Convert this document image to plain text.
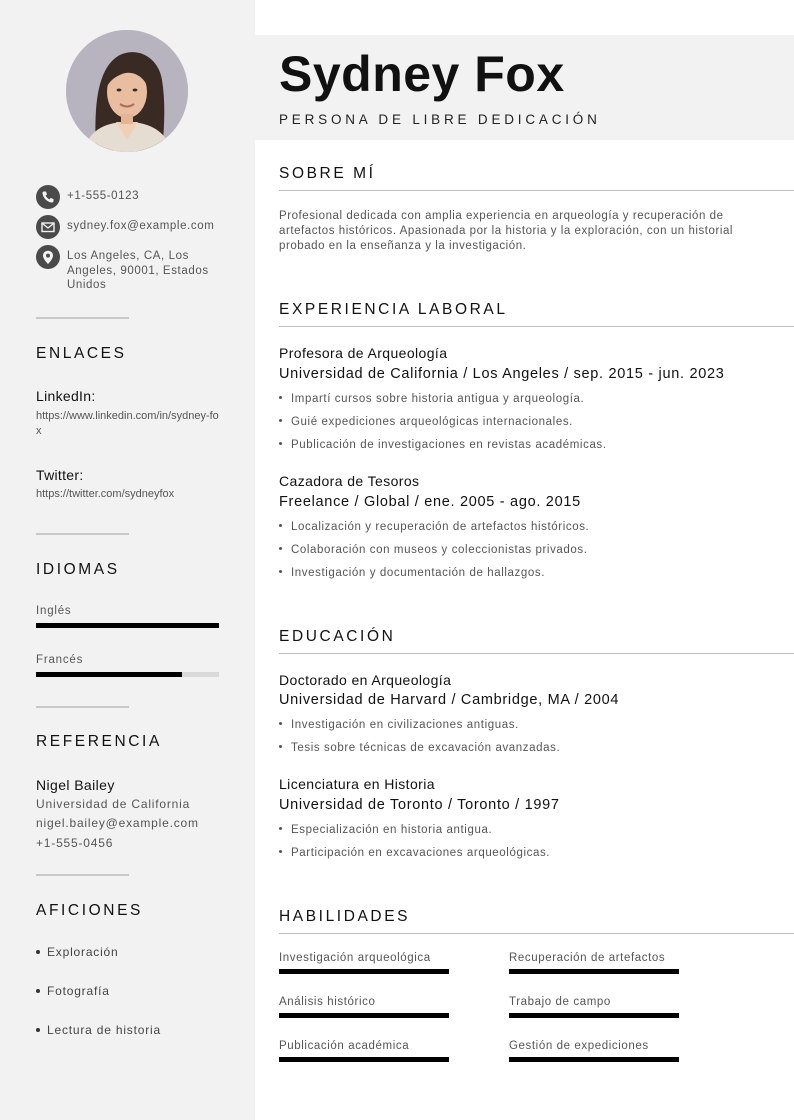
+1-555-0123
sydney.fox@example.com
Los Angeles, CA, Los Angeles, 90001, Estados Unidos
ENLACES
LinkedIn:
https://www.linkedin.com/in/sydney-fox
Twitter:
https://twitter.com/sydneyfox
IDIOMAS
Inglés
Francés
REFERENCIA
Nigel Bailey
Universidad de California
nigel.bailey@example.com
+1-555-0456
AFICIONES
Exploración
Fotografía
Lectura de historia
Sydney Fox
PERSONA DE LIBRE DEDICACIÓN
SOBRE MÍ
Profesional dedicada con amplia experiencia en arqueología y recuperación de artefactos históricos. Apasionada por la historia y la exploración, con un historial probado en la enseñanza y la investigación.
EXPERIENCIA LABORAL
Profesora de Arqueología
Universidad de California / Los Angeles / sep. 2015 - jun. 2023
Impartí cursos sobre historia antigua y arqueología.
Guié expediciones arqueológicas internacionales.
Publicación de investigaciones en revistas académicas.
Cazadora de Tesoros
Freelance / Global / ene. 2005 - ago. 2015
Localización y recuperación de artefactos históricos.
Colaboración con museos y coleccionistas privados.
Investigación y documentación de hallazgos.
EDUCACIÓN
Doctorado en Arqueología
Universidad de Harvard / Cambridge, MA / 2004
Investigación en civilizaciones antiguas.
Tesis sobre técnicas de excavación avanzadas.
Licenciatura en Historia
Universidad de Toronto / Toronto / 1997
Especialización en historia antigua.
Participación en excavaciones arqueológicas.
HABILIDADES
Investigación arqueológica	Recuperación de artefactos
Análisis histórico	Trabajo de campo
Publicación académica	Gestión de expediciones
